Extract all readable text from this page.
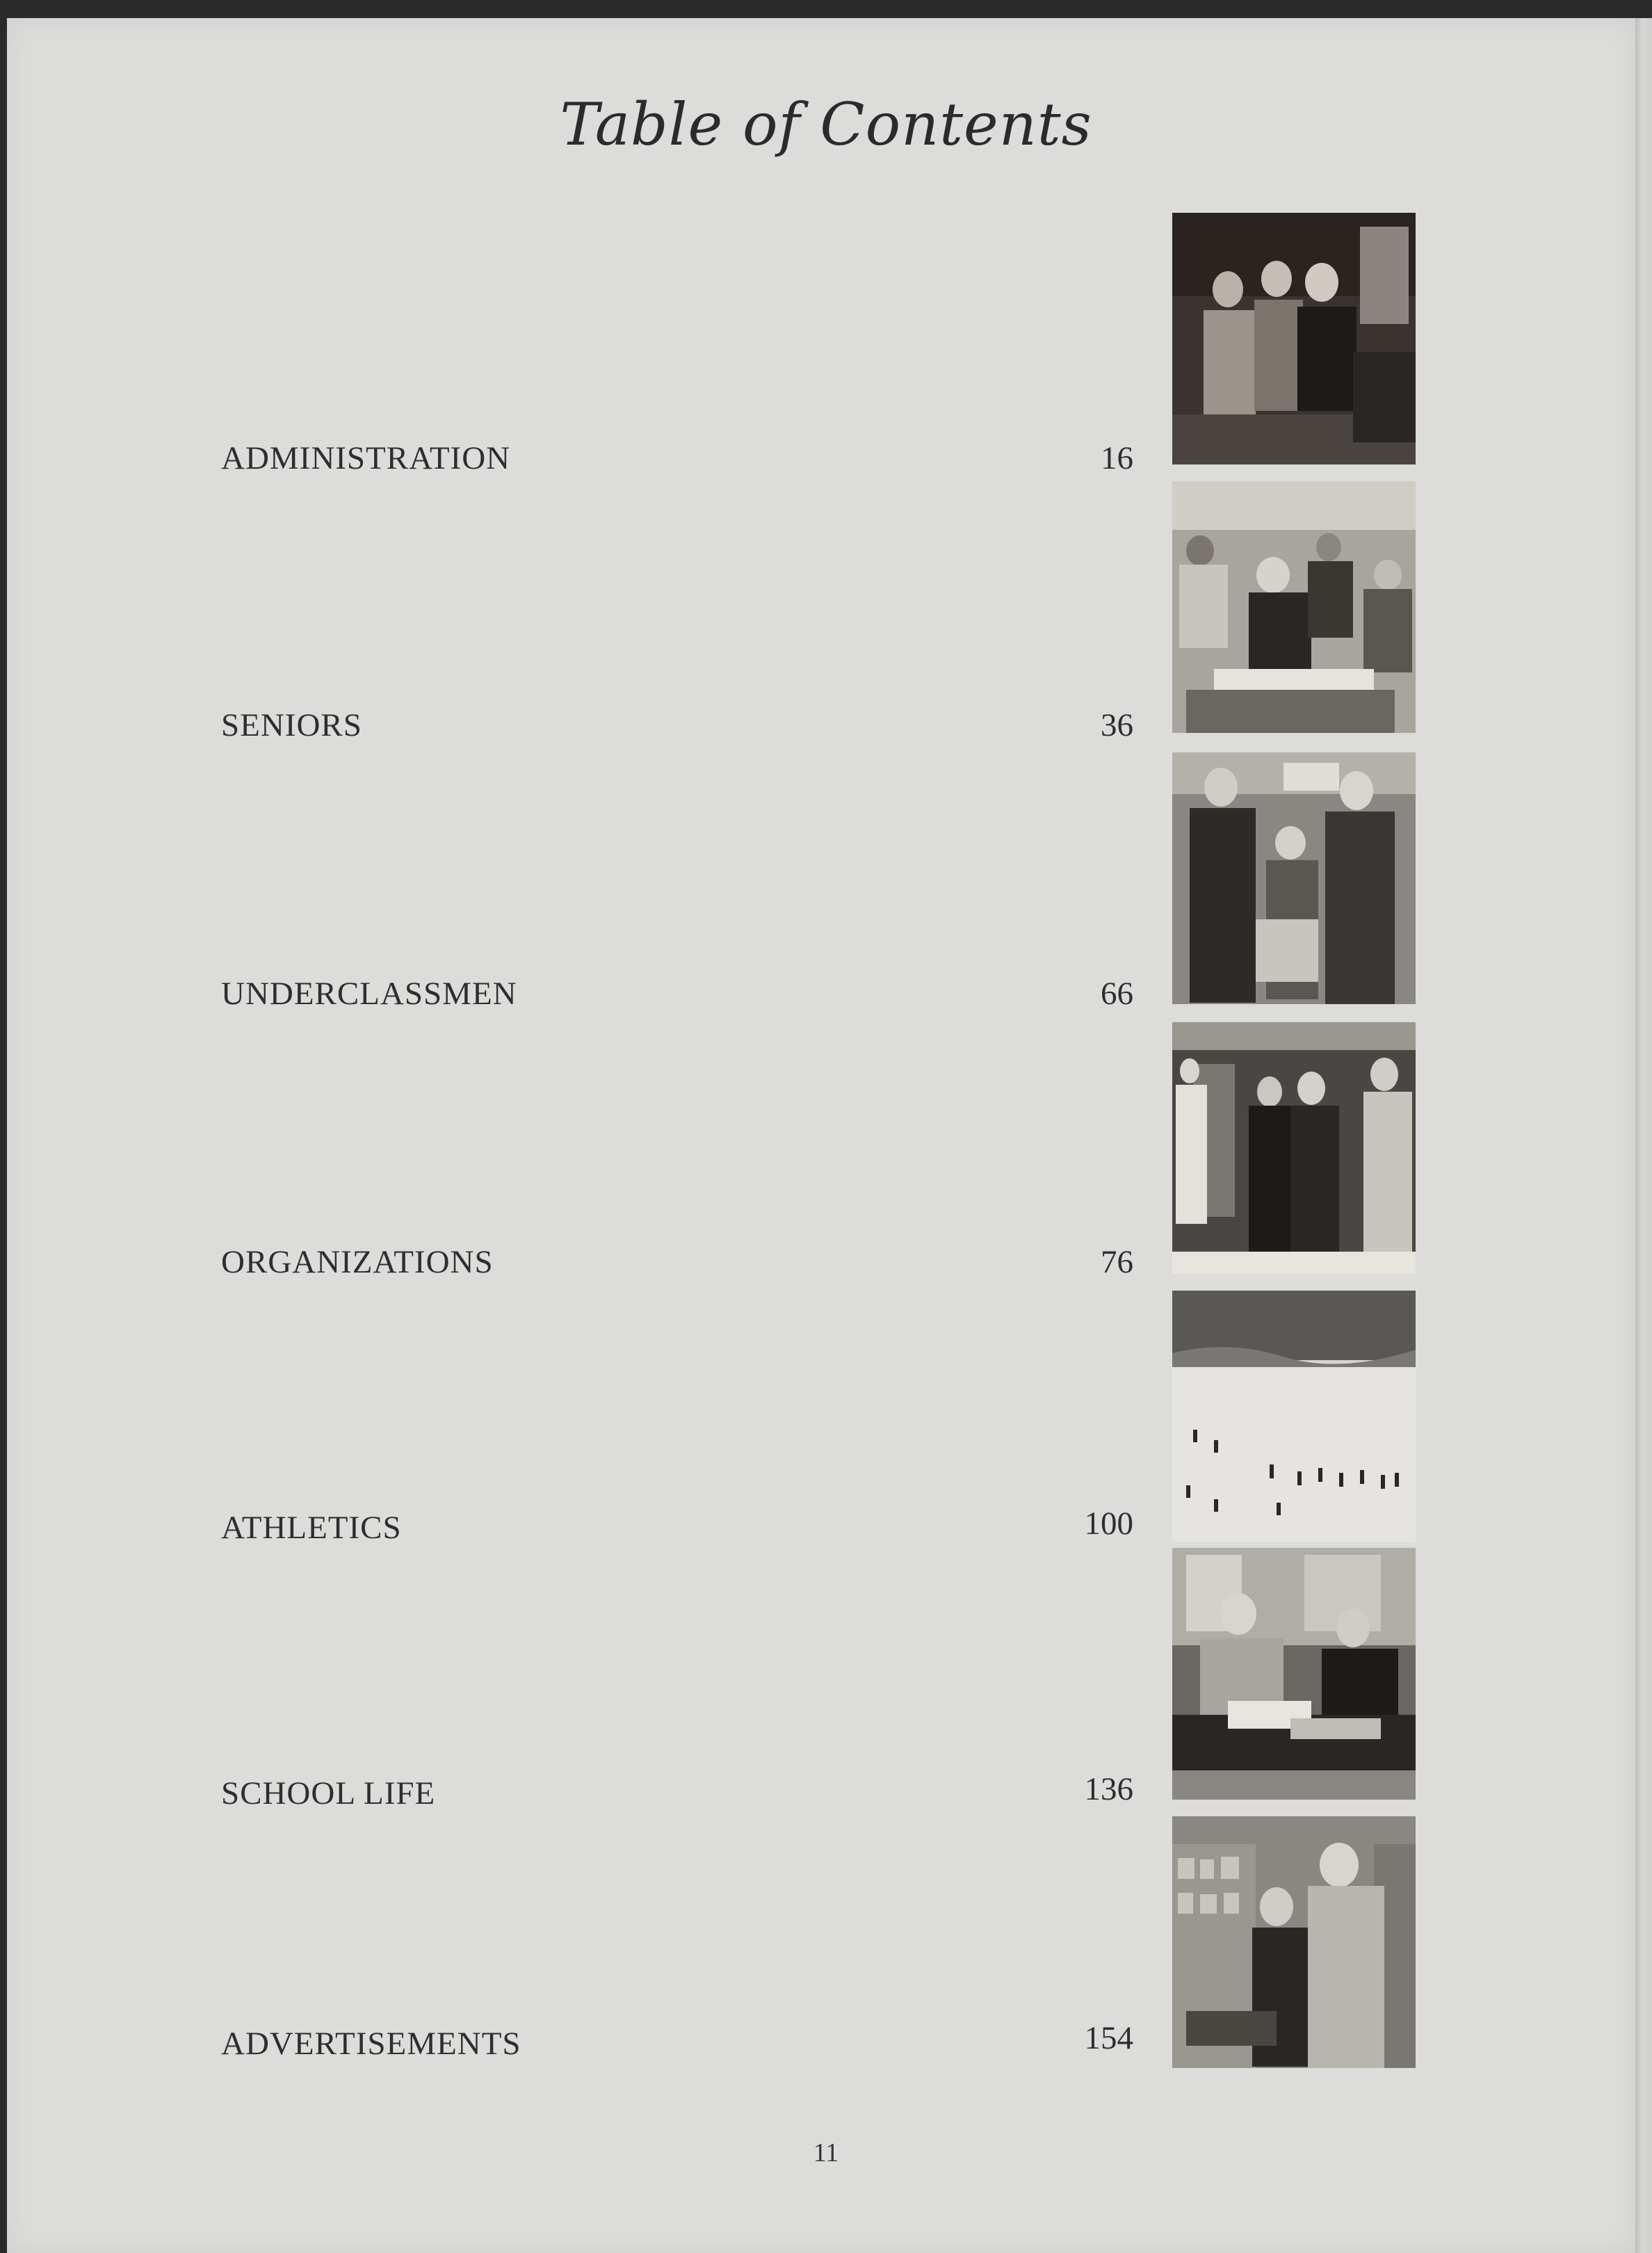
Table of Contents
ADMINISTRATION	16
SENIORS	36
UNDERCLASSMEN	66
ORGANIZATIONS	76
ATHLETICS	100
SCHOOL LIFE	136
ADVERTISEMENTS	154
11
